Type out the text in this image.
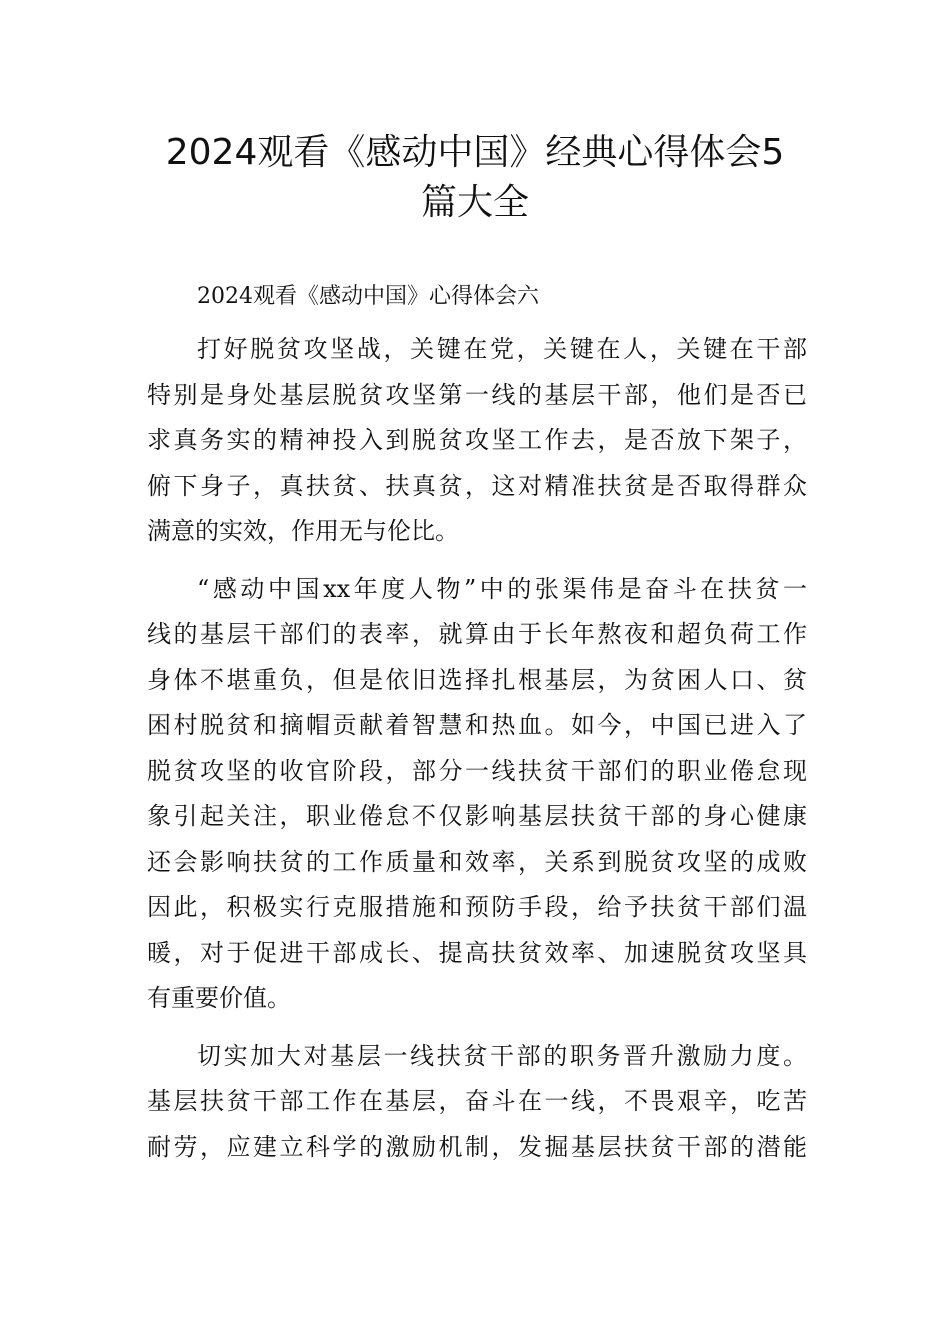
2024观看《感动中国》经典心得体会5
篇大全

2024观看《感动中国》心得体会六

打好脱贫攻坚战，关键在党，关键在人，关键在干部
特别是身处基层脱贫攻坚第一线的基层干部，他们是否已
求真务实的精神投入到脱贫攻坚工作去，是否放下架子，
俯下身子，真扶贫、扶真贫，这对精准扶贫是否取得群众
满意的实效，作用无与伦比。

“感动中国xx年度人物”中的张渠伟是奋斗在扶贫一
线的基层干部们的表率，就算由于长年熬夜和超负荷工作
身体不堪重负，但是依旧选择扎根基层，为贫困人口、贫
困村脱贫和摘帽贡献着智慧和热血。如今，中国已进入了
脱贫攻坚的收官阶段，部分一线扶贫干部们的职业倦怠现
象引起关注，职业倦怠不仅影响基层扶贫干部的身心健康
还会影响扶贫的工作质量和效率，关系到脱贫攻坚的成败
因此，积极实行克服措施和预防手段，给予扶贫干部们温
暖，对于促进干部成长、提高扶贫效率、加速脱贫攻坚具
有重要价值。

切实加大对基层一线扶贫干部的职务晋升激励力度。
基层扶贫干部工作在基层，奋斗在一线，不畏艰辛，吃苦
耐劳，应建立科学的激励机制，发掘基层扶贫干部的潜能
